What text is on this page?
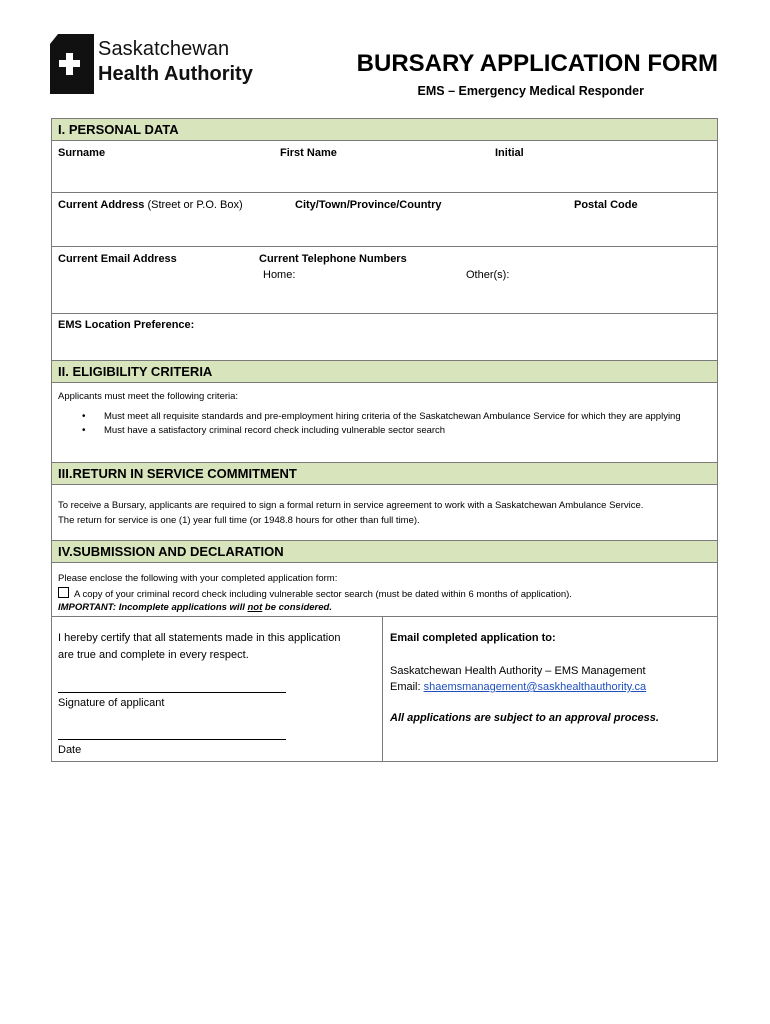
Saskatchewan
Health Authority	BURSARY APPLICATION FORM
EMS – Emergency Medical Responder
I. PERSONAL DATA
Surname	First Name	Initial
Current Address (Street or P.O. Box)	City/Town/Province/Country	Postal Code
Current Email Address	Current Telephone Numbers
Home:	Other(s):
EMS Location Preference:
II. ELIGIBILITY CRITERIA
Applicants must meet the following criteria:
• Must meet all requisite standards and pre-employment hiring criteria of the Saskatchewan Ambulance Service for which they are applying
• Must have a satisfactory criminal record check including vulnerable sector search
III.RETURN IN SERVICE COMMITMENT
To receive a Bursary, applicants are required to sign a formal return in service agreement to work with a Saskatchewan Ambulance Service.
The return for service is one (1) year full time (or 1948.8 hours for other than full time).
IV.SUBMISSION AND DECLARATION
Please enclose the following with your completed application form:
A copy of your criminal record check including vulnerable sector search (must be dated within 6 months of application).
IMPORTANT: Incomplete applications will not be considered.
I hereby certify that all statements made in this application
are true and complete in every respect.
Signature of applicant
Date
Email completed application to:
Saskatchewan Health Authority – EMS Management
Email: shaemsmanagement@saskhealthauthority.ca
All applications are subject to an approval process.
